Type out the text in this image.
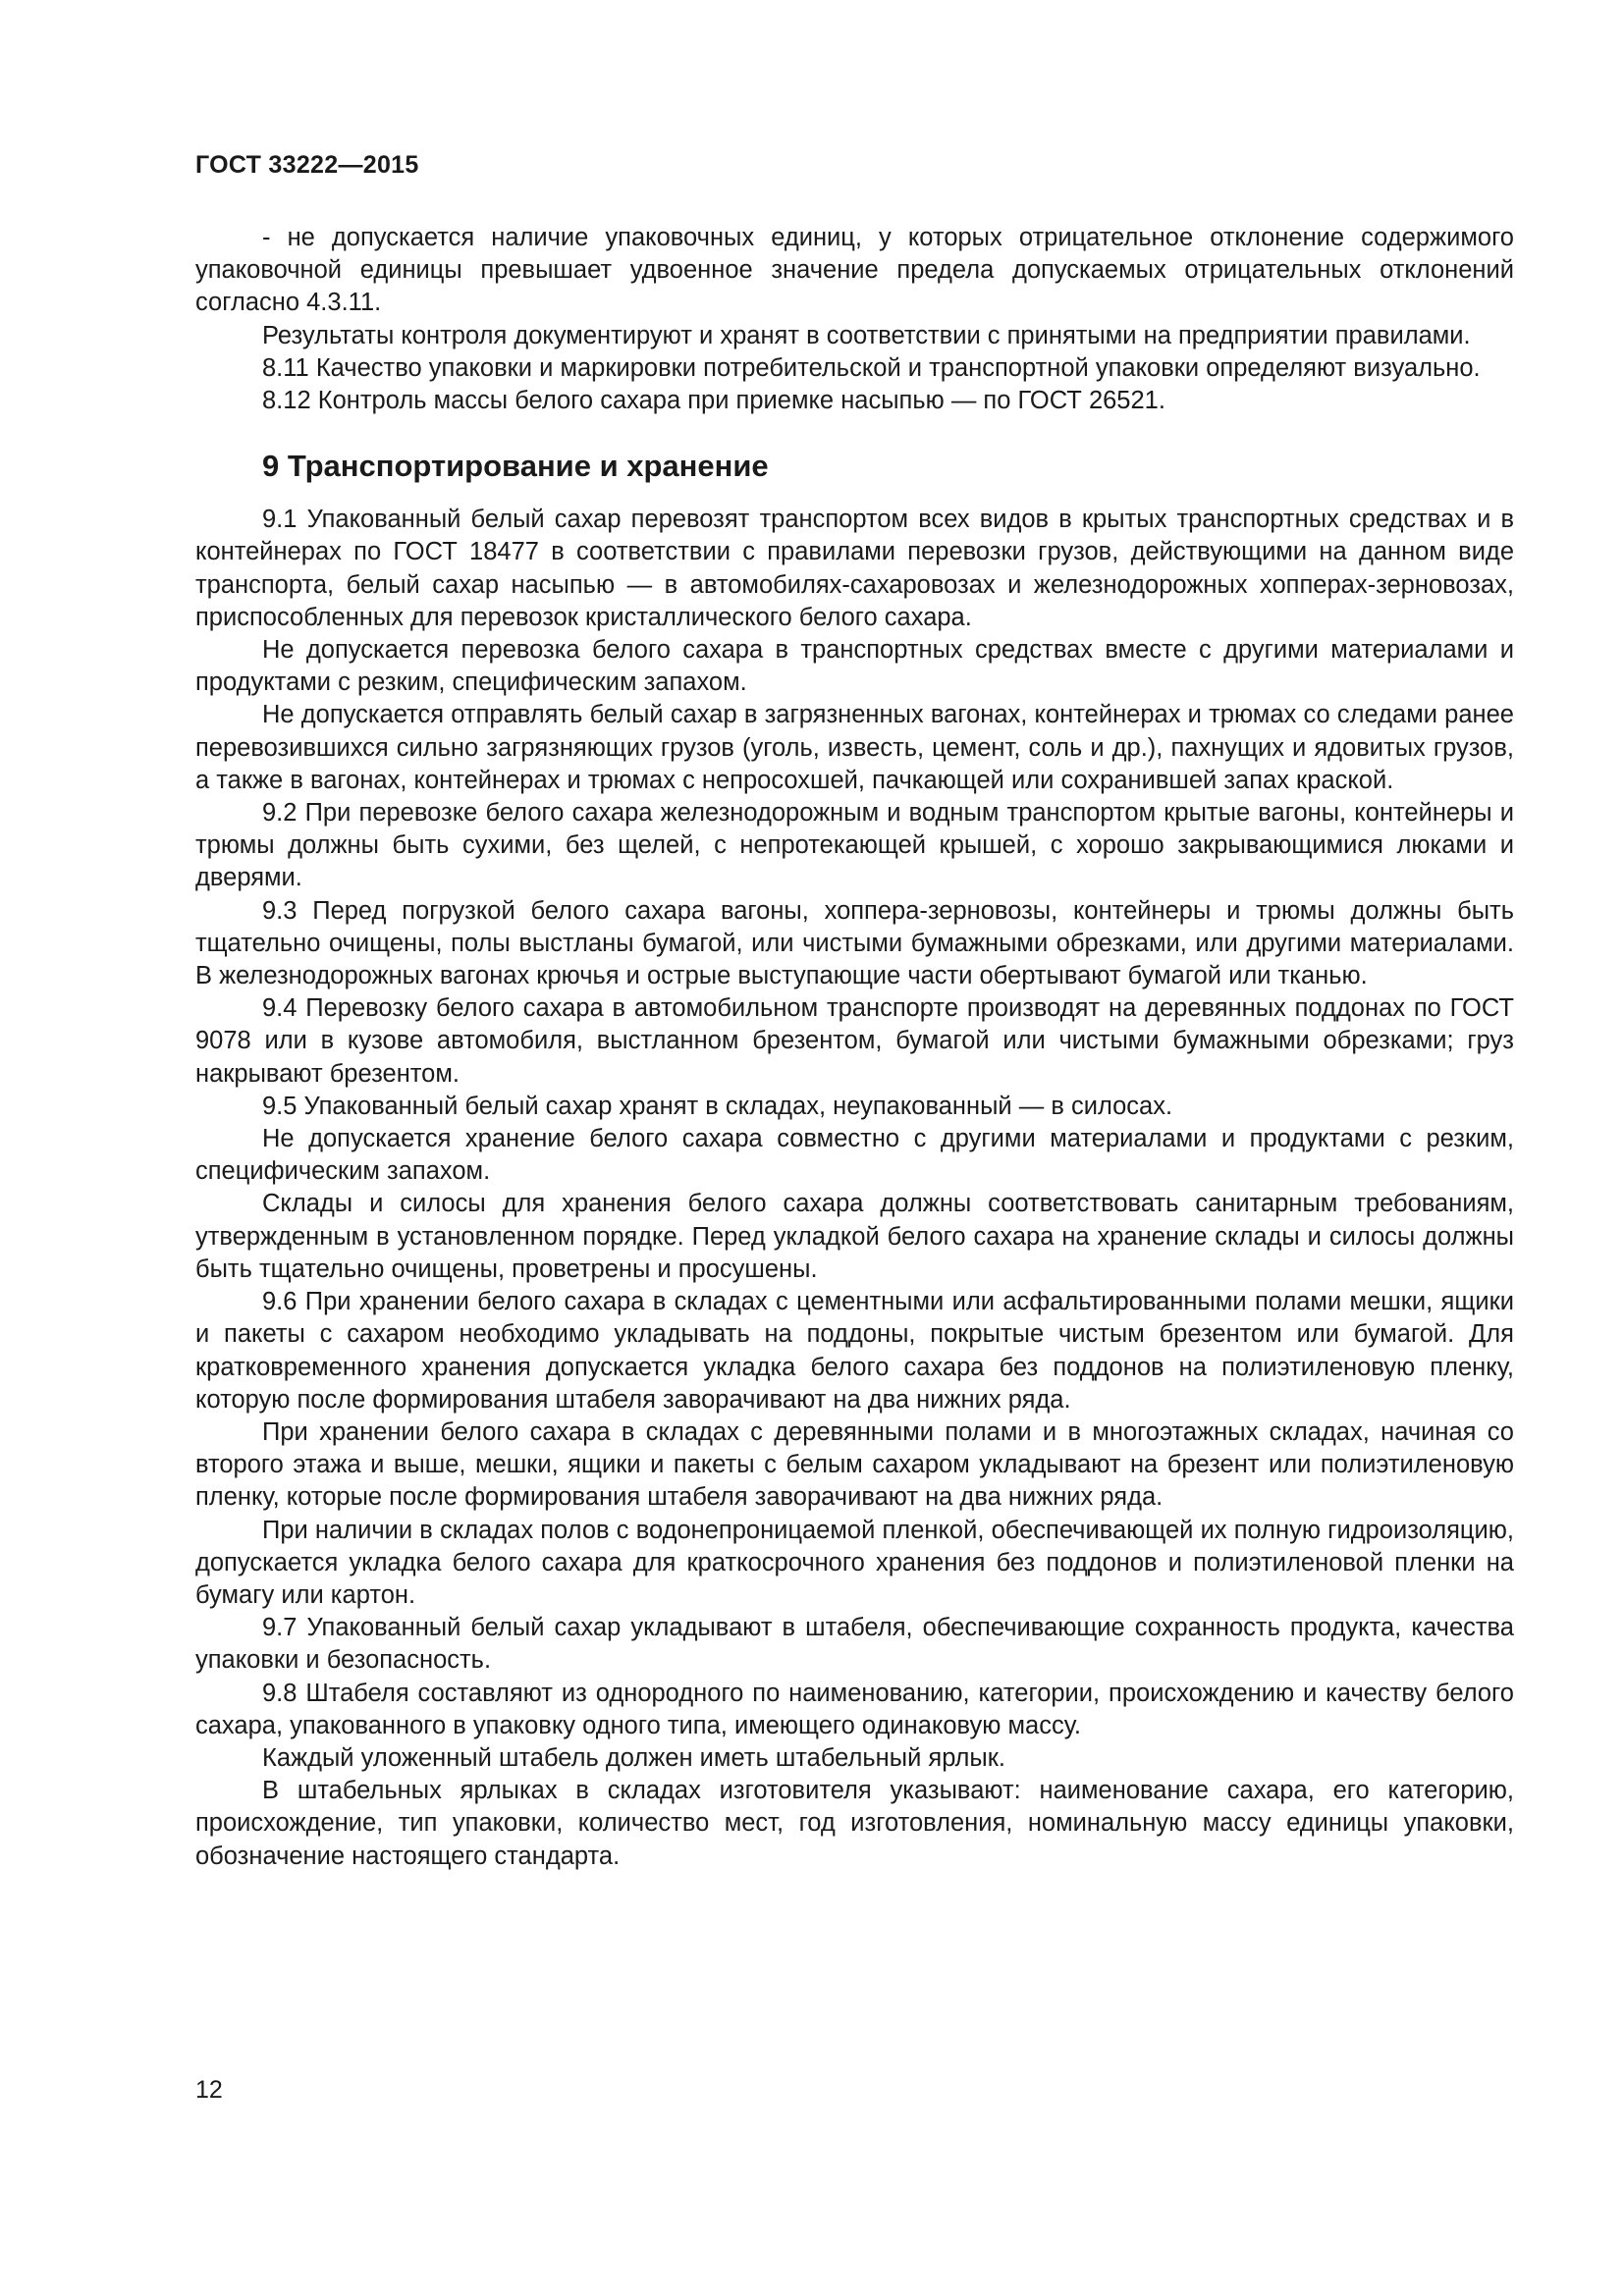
ГОСТ 33222—2015

- не допускается наличие упаковочных единиц, у которых отрицательное отклонение содержимого упаковочной единицы превышает удвоенное значение предела допускаемых отрицательных отклонений согласно 4.3.11.

Результаты контроля документируют и хранят в соответствии с принятыми на предприятии правилами.

8.11 Качество упаковки и маркировки потребительской и транспортной упаковки определяют визуально.

8.12 Контроль массы белого сахара при приемке насыпью — по ГОСТ 26521.

9 Транспортирование и хранение

9.1 Упакованный белый сахар перевозят транспортом всех видов в крытых транспортных средствах и в контейнерах по ГОСТ 18477 в соответствии с правилами перевозки грузов, действующими на данном виде транспорта, белый сахар насыпью — в автомобилях-сахаровозах и железнодорожных хопперах-зерновозах, приспособленных для перевозок кристаллического белого сахара.

Не допускается перевозка белого сахара в транспортных средствах вместе с другими материалами и продуктами с резким, специфическим запахом.

Не допускается отправлять белый сахар в загрязненных вагонах, контейнерах и трюмах со следами ранее перевозившихся сильно загрязняющих грузов (уголь, известь, цемент, соль и др.), пахнущих и ядовитых грузов, а также в вагонах, контейнерах и трюмах с непросохшей, пачкающей или сохранившей запах краской.

9.2 При перевозке белого сахара железнодорожным и водным транспортом крытые вагоны, контейнеры и трюмы должны быть сухими, без щелей, с непротекающей крышей, с хорошо закрывающимися люками и дверями.

9.3 Перед погрузкой белого сахара вагоны, хоппера-зерновозы, контейнеры и трюмы должны быть тщательно очищены, полы выстланы бумагой, или чистыми бумажными обрезками, или другими материалами. В железнодорожных вагонах крючья и острые выступающие части обертывают бумагой или тканью.

9.4 Перевозку белого сахара в автомобильном транспорте производят на деревянных поддонах по ГОСТ 9078 или в кузове автомобиля, выстланном брезентом, бумагой или чистыми бумажными обрезками; груз накрывают брезентом.

9.5 Упакованный белый сахар хранят в складах, неупакованный — в силосах.

Не допускается хранение белого сахара совместно с другими материалами и продуктами с резким, специфическим запахом.

Склады и силосы для хранения белого сахара должны соответствовать санитарным требованиям, утвержденным в установленном порядке. Перед укладкой белого сахара на хранение склады и силосы должны быть тщательно очищены, проветрены и просушены.

9.6 При хранении белого сахара в складах с цементными или асфальтированными полами мешки, ящики и пакеты с сахаром необходимо укладывать на поддоны, покрытые чистым брезентом или бумагой. Для кратковременного хранения допускается укладка белого сахара без поддонов на полиэтиленовую пленку, которую после формирования штабеля заворачивают на два нижних ряда.

При хранении белого сахара в складах с деревянными полами и в многоэтажных складах, начиная со второго этажа и выше, мешки, ящики и пакеты с белым сахаром укладывают на брезент или полиэтиленовую пленку, которые после формирования штабеля заворачивают на два нижних ряда.

При наличии в складах полов с водонепроницаемой пленкой, обеспечивающей их полную гидроизоляцию, допускается укладка белого сахара для краткосрочного хранения без поддонов и полиэтиленовой пленки на бумагу или картон.

9.7 Упакованный белый сахар укладывают в штабеля, обеспечивающие сохранность продукта, качества упаковки и безопасность.

9.8 Штабеля составляют из однородного по наименованию, категории, происхождению и качеству белого сахара, упакованного в упаковку одного типа, имеющего одинаковую массу.

Каждый уложенный штабель должен иметь штабельный ярлык.

В штабельных ярлыках в складах изготовителя указывают: наименование сахара, его категорию, происхождение, тип упаковки, количество мест, год изготовления, номинальную массу единицы упаковки, обозначение настоящего стандарта.

12
